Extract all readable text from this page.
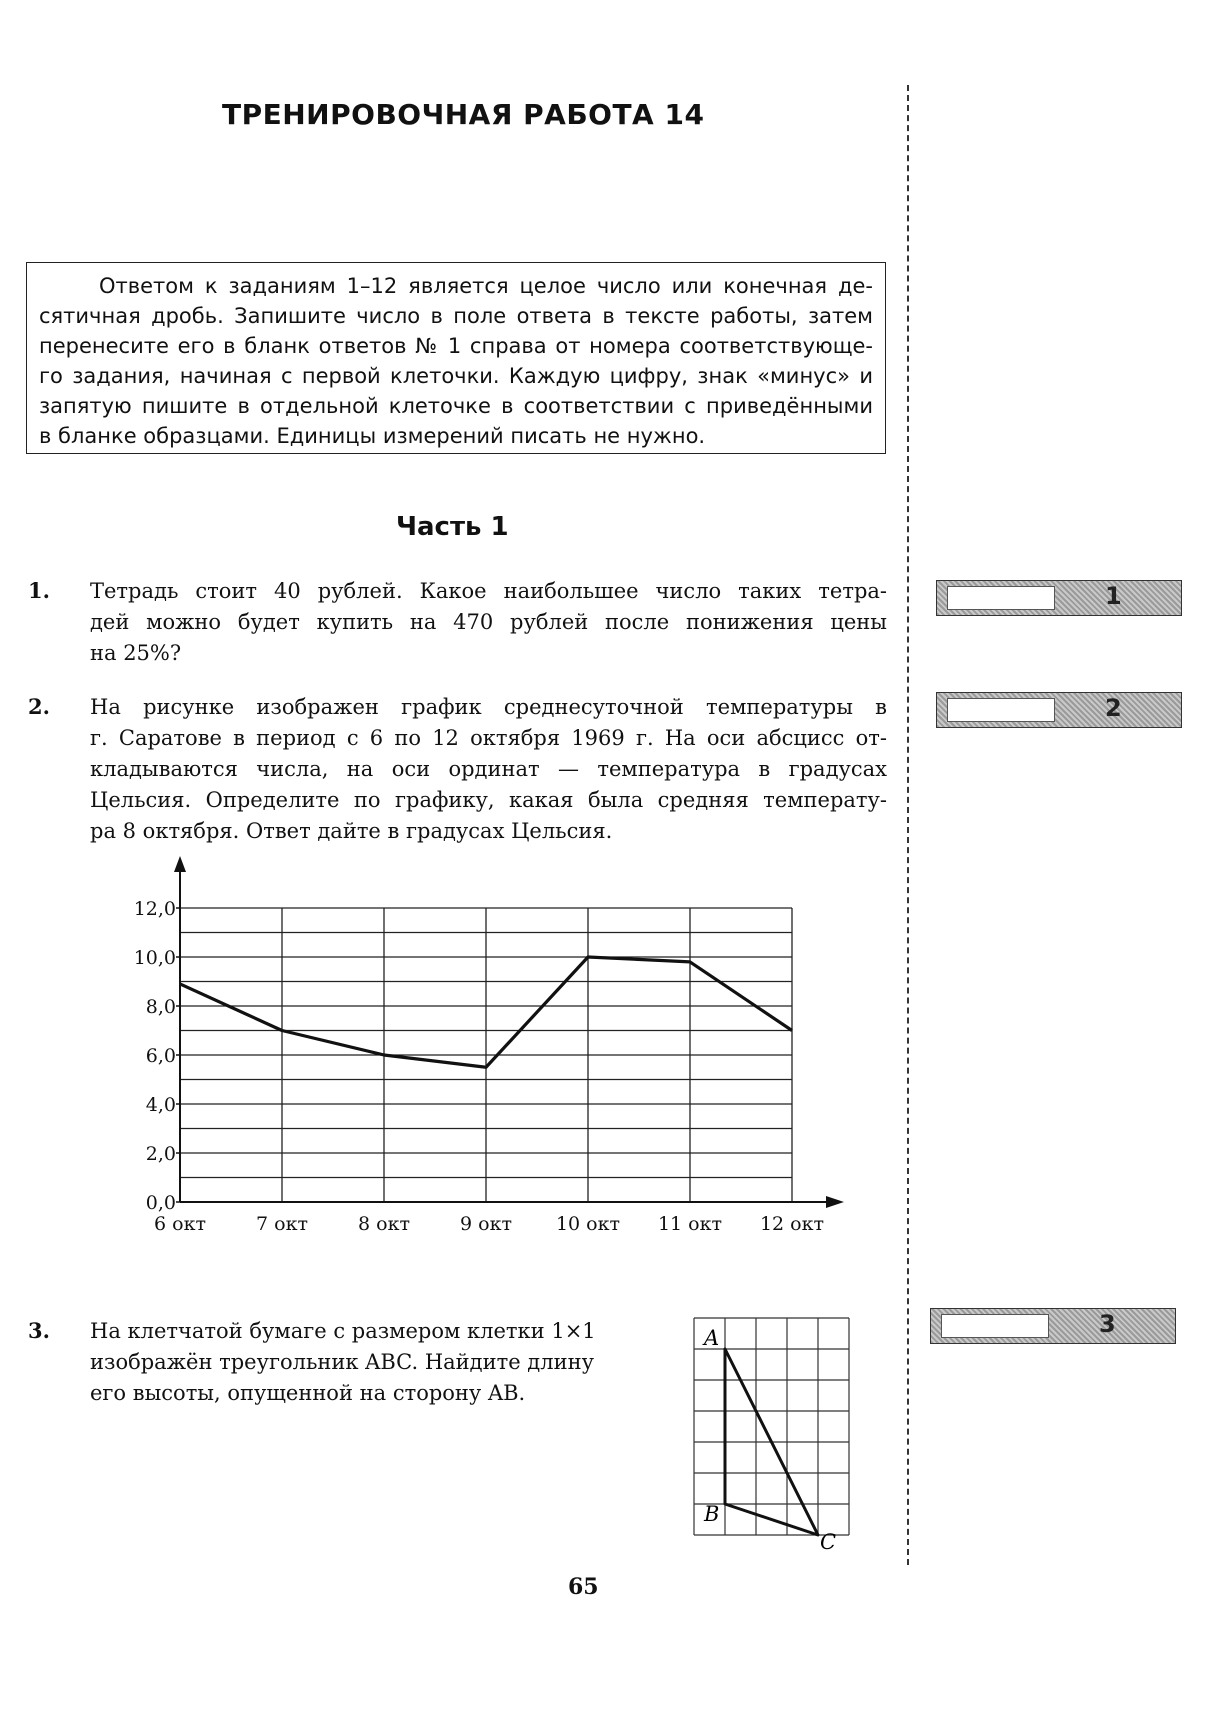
ТРЕНИРОВОЧНАЯ РАБОТА 14
Ответом к заданиям 1–12 является целое число или конечная де-
сятичная дробь. Запишите число в поле ответа в тексте работы, затем
перенесите его в бланк ответов № 1 справа от номера соответствующе-
го задания, начиная с первой клеточки. Каждую цифру, знак «минус» и
запятую пишите в отдельной клеточке в соответствии с приведёнными
в бланке образцами. Единицы измерений писать не нужно.
Часть 1
1. Тетрадь стоит 40 рублей. Какое наибольшее число таких тетра-
дей можно будет купить на 470 рублей после понижения цены
на 25%?
1
2. На рисунке изображен график среднесуточной температуры в
г. Саратове в период с 6 по 12 октября 1969 г. На оси абсцисс от-
кладываются числа, на оси ординат — температура в градусах
Цельсия. Определите по графику, какая была средняя температу-
ра 8 октября. Ответ дайте в градусах Цельсия.
2
0,0
2,0
4,0
6,0
8,0
10,0
12,0
6 окт	7 окт	8 окт	9 окт 10 окт 11 окт 12 окт
3. На клетчатой бумаге с размером клетки 1×1
изображён треугольник ABC. Найдите длину
его высоты, опущенной на сторону AB.
3
A
B
C
65
